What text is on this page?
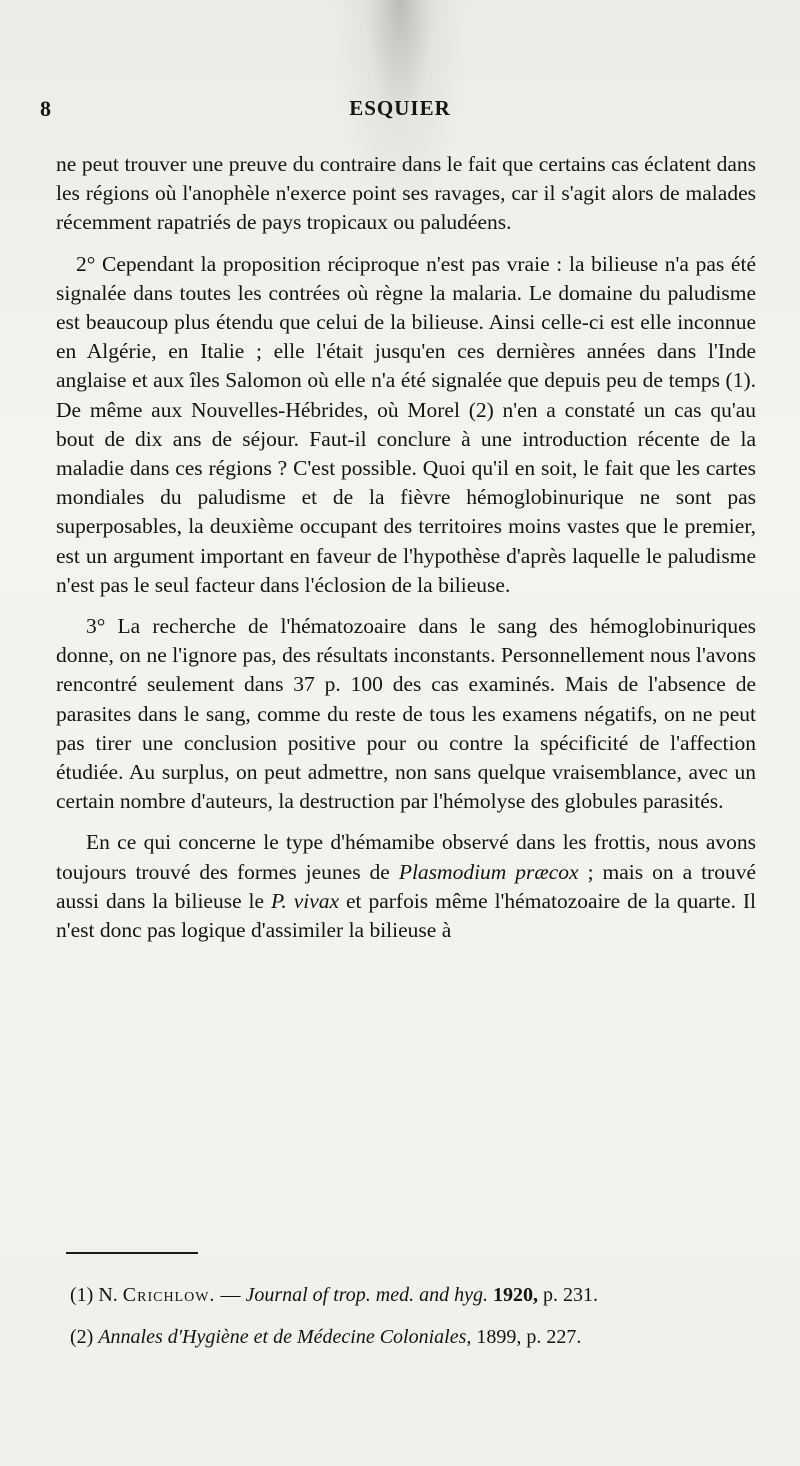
8	ESQUIER

ne peut trouver une preuve du contraire dans le fait que certains cas éclatent dans les régions où l'anophèle n'exerce point ses ravages, car il s'agit alors de malades récemment rapatriés de pays tropicaux ou paludéens.

2° Cependant la proposition réciproque n'est pas vraie : la bilieuse n'a pas été signalée dans toutes les contrées où règne la malaria. Le domaine du paludisme est beaucoup plus étendu que celui de la bilieuse. Ainsi celle-ci est elle inconnue en Algérie, en Italie ; elle l'était jusqu'en ces dernières années dans l'Inde anglaise et aux îles Salomon où elle n'a été signalée que depuis peu de temps (1). De même aux Nouvelles-Hébrides, où Morel (2) n'en a constaté un cas qu'au bout de dix ans de séjour. Faut-il conclure à une introduction récente de la maladie dans ces régions ? C'est possible. Quoi qu'il en soit, le fait que les cartes mondiales du paludisme et de la fièvre hémoglobinurique ne sont pas superposables, la deuxième occupant des territoires moins vastes que le premier, est un argument important en faveur de l'hypothèse d'après laquelle le paludisme n'est pas le seul facteur dans l'éclosion de la bilieuse.

3° La recherche de l'hématozoaire dans le sang des hémoglobinuriques donne, on ne l'ignore pas, des résultats inconstants. Personnellement nous l'avons rencontré seulement dans 37 p. 100 des cas examinés. Mais de l'absence de parasites dans le sang, comme du reste de tous les examens négatifs, on ne peut pas tirer une conclusion positive pour ou contre la spécificité de l'affection étudiée. Au surplus, on peut admettre, non sans quelque vraisemblance, avec un certain nombre d'auteurs, la destruction par l'hémolyse des globules parasités.

En ce qui concerne le type d'hémamibe observé dans les frottis, nous avons toujours trouvé des formes jeunes de Plasmodium præcox ; mais on a trouvé aussi dans la bilieuse le P. vivax et parfois même l'hématozoaire de la quarte. Il n'est donc pas logique d'assimiler la bilieuse à

(1) N. Crichlow. — Journal of trop. med. and hyg. 1920, p. 231.

(2) Annales d'Hygiène et de Médecine Coloniales, 1899, p. 227.
